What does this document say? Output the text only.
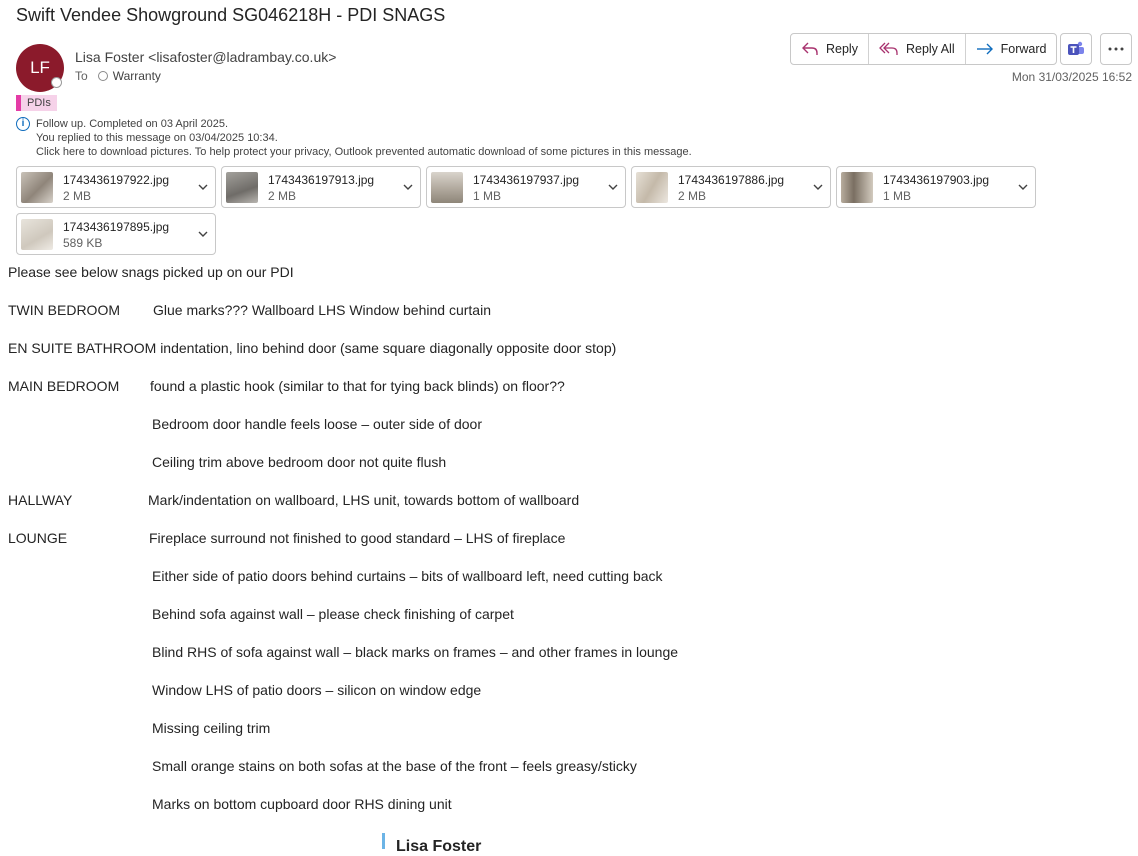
Swift Vendee Showground SG046218H - PDI SNAGS
LF
Lisa Foster <lisafoster@ladrambay.co.uk>
To Warranty
Reply	Reply All	Forward
Mon 31/03/2025 16:52
PDIs
i	Follow up. Completed on 03 April 2025.
You replied to this message on 03/04/2025 10:34.
Click here to download pictures. To help protect your privacy, Outlook prevented automatic download of some pictures in this message.
1743436197922.jpg
2 MB
1743436197913.jpg
2 MB
1743436197937.jpg
1 MB
1743436197886.jpg
2 MB
1743436197903.jpg
1 MB
1743436197895.jpg
589 KB
Please see below snags picked up on our PDI
TWIN BEDROOM Glue marks??? Wallboard LHS Window behind curtain
EN SUITE BATHROOM indentation, lino behind door (same square diagonally opposite door stop)
MAIN BEDROOM found a plastic hook (similar to that for tying back blinds) on floor??
Bedroom door handle feels loose – outer side of door
Ceiling trim above bedroom door not quite flush
HALLWAY	Mark/indentation on wallboard, LHS unit, towards bottom of wallboard
LOUNGE	Fireplace surround not finished to good standard – LHS of fireplace
Either side of patio doors behind curtains – bits of wallboard left, need cutting back
Behind sofa against wall – please check finishing of carpet
Blind RHS of sofa against wall – black marks on frames – and other frames in lounge
Window LHS of patio doors – silicon on window edge
Missing ceiling trim
Small orange stains on both sofas at the base of the front – feels greasy/sticky
Marks on bottom cupboard door RHS dining unit
Lisa Foster
